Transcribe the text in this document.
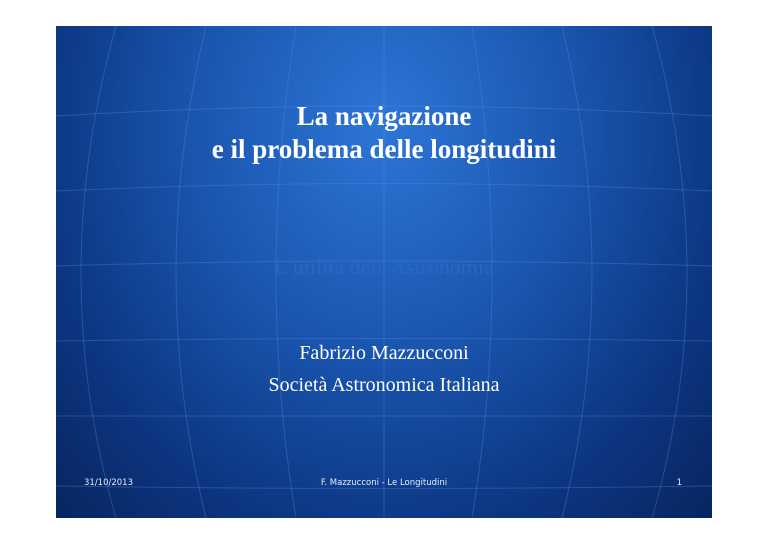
La navigazione
e il problema delle longitudini
L’utilità dell’Astronomia
Fabrizio Mazzucconi
Società Astronomica Italiana
31/10/2013	F. Mazzucconi - Le Longitudini	1
